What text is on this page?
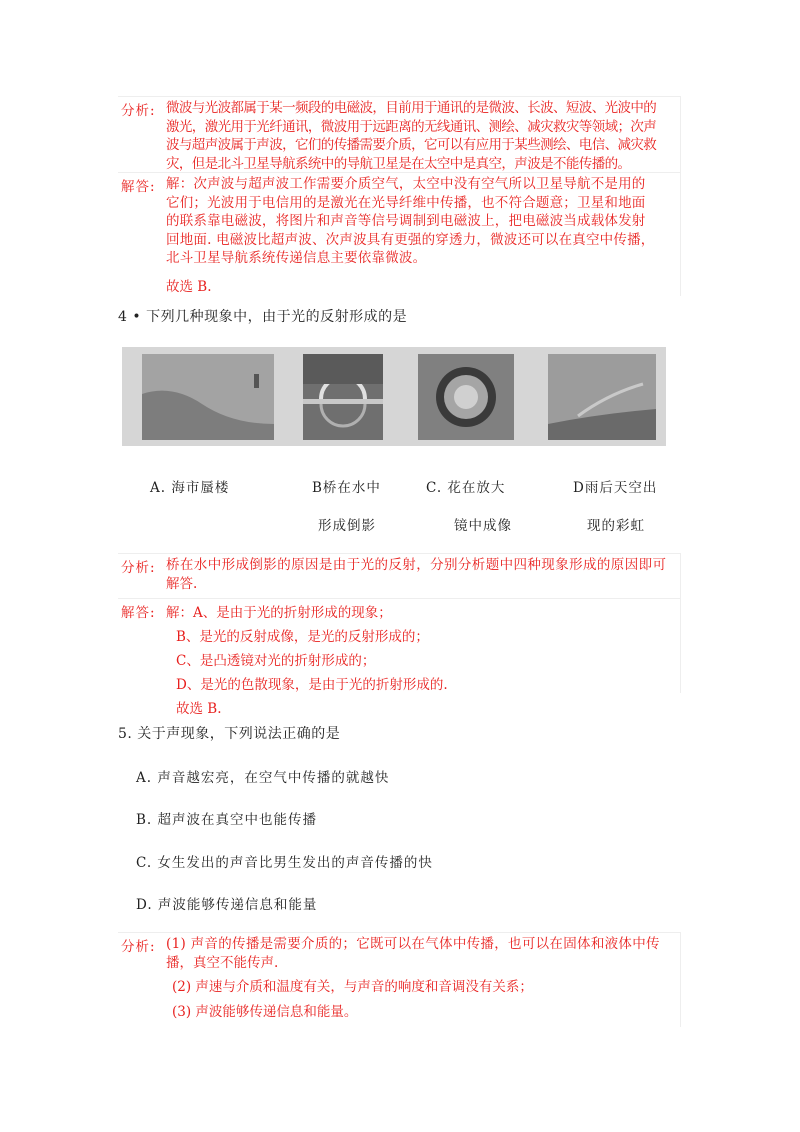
分析: 微波与光波都属于某一频段的电磁波，目前用于通讯的是微波、长波、短波、光波中的
激光，激光用于光纤通讯，微波用于远距离的无线通讯、测绘、减灾救灾等领域；次声
波与超声波属于声波，它们的传播需要介质，它可以有应用于某些测绘、电信、减灾救
灾，但是北斗卫星导航系统中的导航卫星是在太空中是真空，声波是不能传播的。
解答: 解：次声波与超声波工作需要介质空气，太空中没有空气所以卫星导航不是用的
它们；光波用于电信用的是激光在光导纤维中传播，也不符合题意；卫星和地面
的联系靠电磁波，将图片和声音等信号调制到电磁波上，把电磁波当成载体发射
回地面. 电磁波比超声波、次声波具有更强的穿透力，微波还可以在真空中传播，
北斗卫星导航系统传递信息主要依靠微波。
故选 B.
4 • 下列几种现象中，由于光的反射形成的是
A. 海市蜃楼	B桥在水中
形成倒影
C. 花在放大
镜中成像
D雨后天空出
现的彩虹
分析: 桥在水中形成倒影的原因是由于光的反射，分别分析题中四种现象形成的原因即可
解答.
解答: 解：A、是由于光的折射形成的现象；
B、是光的反射成像，是光的反射形成的；
C、是凸透镜对光的折射形成的；
D、是光的色散现象，是由于光的折射形成的.
故选 B.
5. 关于声现象，下列说法正确的是
A. 声音越宏亮，在空气中传播的就越快
B. 超声波在真空中也能传播
C. 女生发出的声音比男生发出的声音传播的快
D. 声波能够传递信息和能量
分析: (1) 声音的传播是需要介质的；它既可以在气体中传播，也可以在固体和液体中传
播，真空不能传声.
(2) 声速与介质和温度有关，与声音的响度和音调没有关系；
(3) 声波能够传递信息和能量。
